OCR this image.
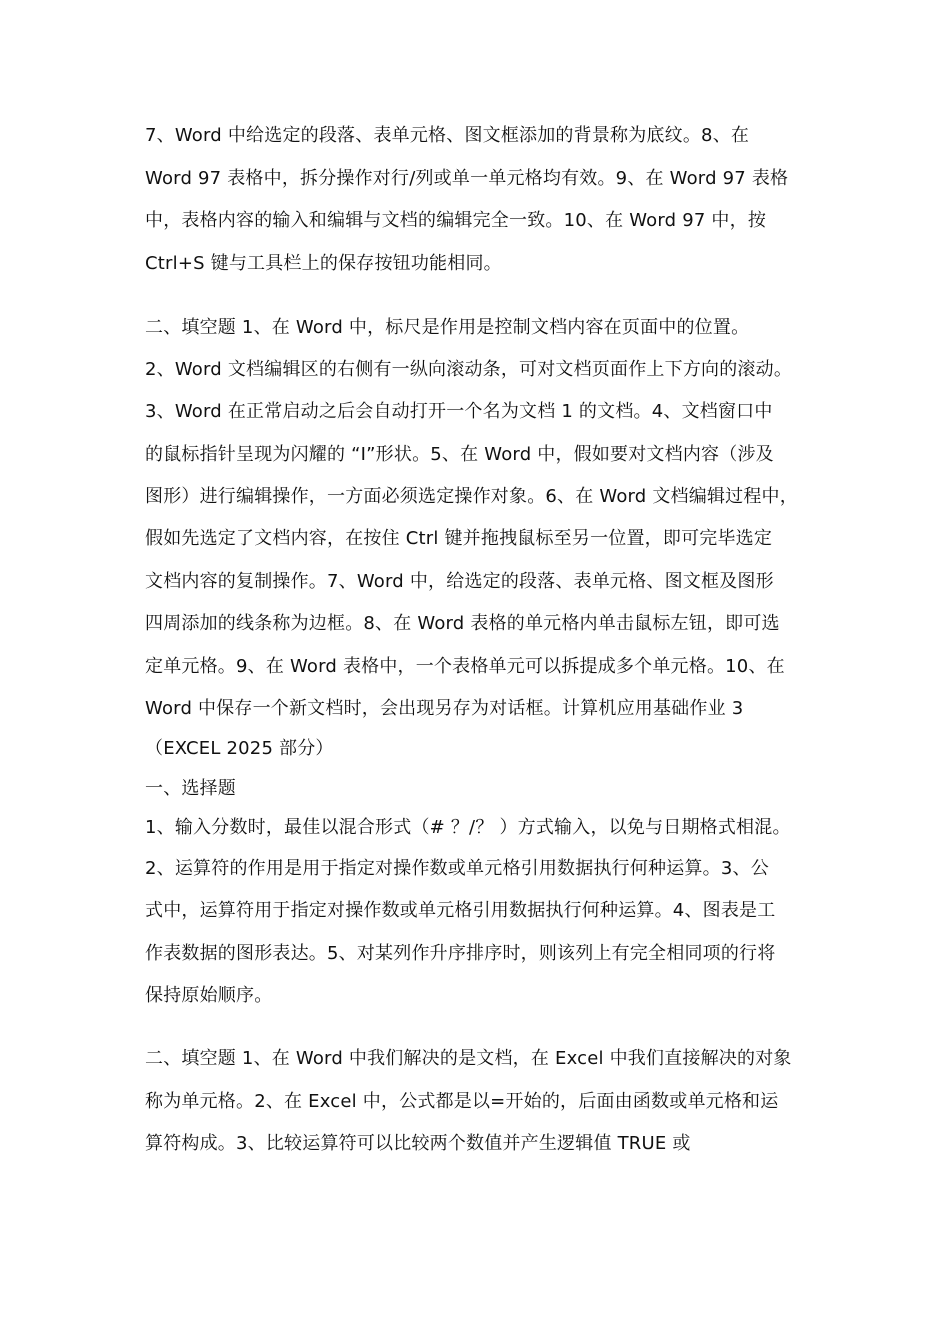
7、Word 中给选定的段落、表单元格、图文框添加的背景称为底纹。8、在
Word 97 表格中，拆分操作对行/列或单一单元格均有效。9、在 Word 97 表格
中，表格内容的输入和编辑与文档的编辑完全一致。10、在 Word 97 中，按
Ctrl+S 键与工具栏上的保存按钮功能相同。
二、填空题 1、在 Word 中，标尺是作用是控制文档内容在页面中的位置。
2、Word 文档编辑区的右侧有一纵向滚动条，可对文档页面作上下方向的滚动。
3、Word 在正常启动之后会自动打开一个名为文档 1 的文档。4、文档窗口中
的鼠标指针呈现为闪耀的 “I”形状。5、在 Word 中，假如要对文档内容（涉及
图形）进行编辑操作，一方面必须选定操作对象。6、在 Word 文档编辑过程中，
假如先选定了文档内容，在按住 Ctrl 键并拖拽鼠标至另一位置，即可完毕选定
文档内容的复制操作。7、Word 中，给选定的段落、表单元格、图文框及图形
四周添加的线条称为边框。8、在 Word 表格的单元格内单击鼠标左钮，即可选
定单元格。9、在 Word 表格中，一个表格单元可以拆提成多个单元格。10、在
Word 中保存一个新文档时，会出现另存为对话框。计算机应用基础作业 3
（EXCEL 2025 部分）
一、选择题
1、输入分数时，最佳以混合形式（# ？/？ ）方式输入，以免与日期格式相混。
2、运算符的作用是用于指定对操作数或单元格引用数据执行何种运算。3、公
式中，运算符用于指定对操作数或单元格引用数据执行何种运算。4、图表是工
作表数据的图形表达。5、对某列作升序排序时，则该列上有完全相同项的行将
保持原始顺序。
二、填空题 1、在 Word 中我们解决的是文档，在 Excel 中我们直接解决的对象
称为单元格。2、在 Excel 中，公式都是以=开始的，后面由函数或单元格和运
算符构成。3、比较运算符可以比较两个数值并产生逻辑值 TRUE 或
